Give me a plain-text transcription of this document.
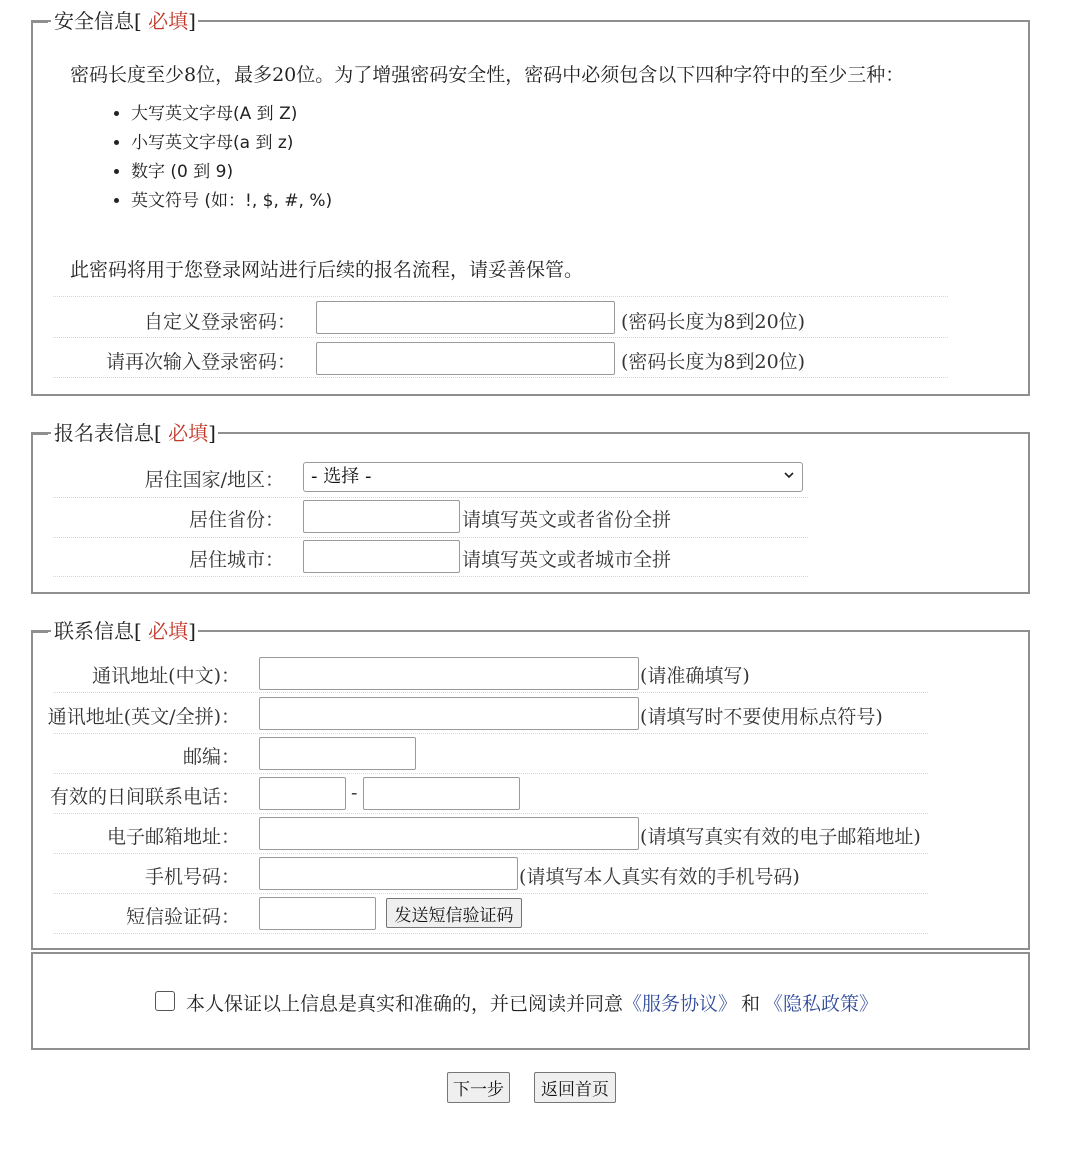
安全信息[ 必填]
密码长度至少8位，最多20位。为了增强密码安全性，密码中必须包含以下四种字符中的至少三种：
• 大写英文字母(A 到 Z)
• 小写英文字母(a 到 z)
• 数字 (0 到 9)
• 英文符号 (如：!, $, #, %)
此密码将用于您登录网站进行后续的报名流程，请妥善保管。
自定义登录密码：	(密码长度为8到20位)
请再次输入登录密码：	(密码长度为8到20位)
报名表信息[ 必填]
居住国家/地区：	- 选择 -
居住省份：	请填写英文或者省份全拼
居住城市：	请填写英文或者城市全拼
联系信息[ 必填]
通讯地址(中文)：	(请准确填写)
通讯地址(英文/全拼)：	(请填写时不要使用标点符号)
邮编：
有效的日间联系电话：	-
电子邮箱地址：	(请填写真实有效的电子邮箱地址)
手机号码：	(请填写本人真实有效的手机号码)
短信验证码：	发送短信验证码
本人保证以上信息是真实和准确的，并已阅读并同意《服务协议》 和 《隐私政策》
下一步	返回首页
